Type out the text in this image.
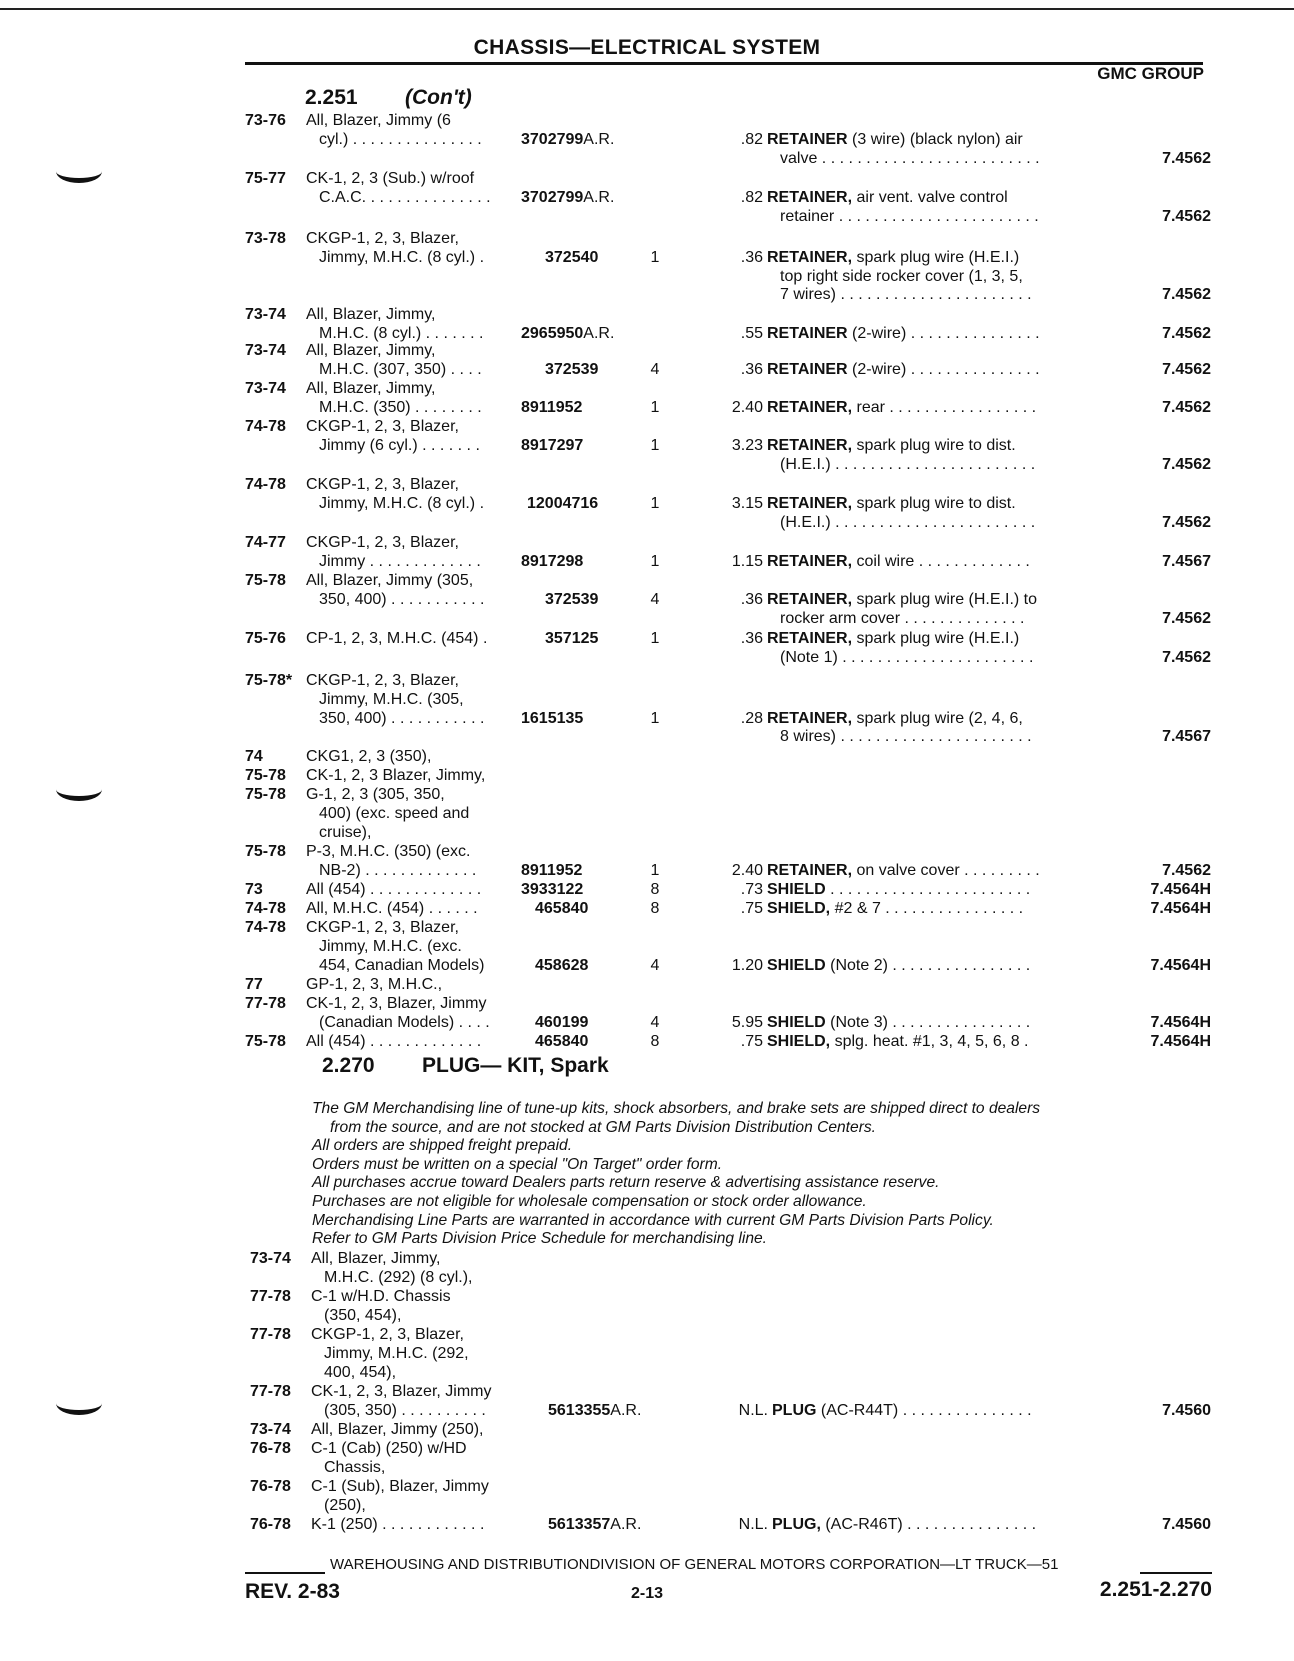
CHASSIS—ELECTRICAL SYSTEM
GMC GROUP
2.251 (Con't)
73-76	All, Blazer, Jimmy (6
cyl.) . . . . . . . . . . . . . . .	3702799A.R.	.82 RETAINER (3 wire) (black nylon) air
valve . . . . . . . . . . . . . . . . . . . . . . . . .	7.4562
75-77	CK-1, 2, 3 (Sub.) w/roof
C.A.C. . . . . . . . . . . . . . .	3702799A.R.	.82 RETAINER, air vent. valve control
retainer . . . . . . . . . . . . . . . . . . . . . . .	7.4562
73-78	CKGP-1, 2, 3, Blazer,
Jimmy, M.H.C. (8 cyl.) .	372540	1	.36 RETAINER, spark plug wire (H.E.I.)
top right side rocker cover (1, 3, 5,
7 wires) . . . . . . . . . . . . . . . . . . . . . .	7.4562
73-74	All, Blazer, Jimmy,
M.H.C. (8 cyl.) . . . . . . .	2965950A.R.	.55 RETAINER (2-wire) . . . . . . . . . . . . . . .	7.4562
73-74	All, Blazer, Jimmy,
M.H.C. (307, 350) . . . .	372539	4	.36 RETAINER (2-wire) . . . . . . . . . . . . . . .	7.4562
73-74	All, Blazer, Jimmy,
M.H.C. (350) . . . . . . . .	8911952	1	2.40 RETAINER, rear . . . . . . . . . . . . . . . . .	7.4562
74-78	CKGP-1, 2, 3, Blazer,
Jimmy (6 cyl.) . . . . . . .	8917297	1	3.23 RETAINER, spark plug wire to dist.
(H.E.I.) . . . . . . . . . . . . . . . . . . . . . . .	7.4562
74-78	CKGP-1, 2, 3, Blazer,
Jimmy, M.H.C. (8 cyl.) .	12004716	1	3.15 RETAINER, spark plug wire to dist.
(H.E.I.) . . . . . . . . . . . . . . . . . . . . . . .	7.4562
74-77	CKGP-1, 2, 3, Blazer,
Jimmy . . . . . . . . . . . . .	8917298	1	1.15 RETAINER, coil wire . . . . . . . . . . . . .	7.4567
75-78	All, Blazer, Jimmy (305,
350, 400) . . . . . . . . . . .	372539	4	.36 RETAINER, spark plug wire (H.E.I.) to
rocker arm cover . . . . . . . . . . . . . .	7.4562
75-76	CP-1, 2, 3, M.H.C. (454) .	357125	1	.36 RETAINER, spark plug wire (H.E.I.)
(Note 1) . . . . . . . . . . . . . . . . . . . . . .	7.4562
75-78* CKGP-1, 2, 3, Blazer,
Jimmy, M.H.C. (305,
350, 400) . . . . . . . . . . .	1615135	1	.28 RETAINER, spark plug wire (2, 4, 6,
8 wires) . . . . . . . . . . . . . . . . . . . . . .	7.4567
74	CKG1, 2, 3 (350),
75-78	CK-1, 2, 3 Blazer, Jimmy,
75-78	G-1, 2, 3 (305, 350,
400) (exc. speed and
cruise),
75-78	P-3, M.H.C. (350) (exc.
NB-2) . . . . . . . . . . . . .	8911952	1	2.40 RETAINER, on valve cover . . . . . . . . .	7.4562
73	All (454) . . . . . . . . . . . . .	3933122	8	.73 SHIELD . . . . . . . . . . . . . . . . . . . . . . .	7.4564H
74-78	All, M.H.C. (454) . . . . . .	465840	8	.75 SHIELD, #2 & 7 . . . . . . . . . . . . . . . .	7.4564H
74-78	CKGP-1, 2, 3, Blazer,
Jimmy, M.H.C. (exc.
454, Canadian Models)	458628	4	1.20 SHIELD (Note 2) . . . . . . . . . . . . . . . .	7.4564H
77	GP-1, 2, 3, M.H.C.,
77-78	CK-1, 2, 3, Blazer, Jimmy
(Canadian Models) . . . .	460199	4	5.95 SHIELD (Note 3) . . . . . . . . . . . . . . . .	7.4564H
75-78	All (454) . . . . . . . . . . . . .	465840	8	.75 SHIELD, splg. heat. #1, 3, 4, 5, 6, 8 .	7.4564H
2.270 PLUG— KIT, Spark
The GM Merchandising line of tune-up kits, shock absorbers, and brake sets are shipped direct to dealers
from the source, and are not stocked at GM Parts Division Distribution Centers.
All orders are shipped freight prepaid.
Orders must be written on a special "On Target" order form.
All purchases accrue toward Dealers parts return reserve & advertising assistance reserve.
Purchases are not eligible for wholesale compensation or stock order allowance.
Merchandising Line Parts are warranted in accordance with current GM Parts Division Parts Policy.
Refer to GM Parts Division Price Schedule for merchandising line.
73-74	All, Blazer, Jimmy,
M.H.C. (292) (8 cyl.),
77-78	C-1 w/H.D. Chassis
(350, 454),
77-78	CKGP-1, 2, 3, Blazer,
Jimmy, M.H.C. (292,
400, 454),
77-78	CK-1, 2, 3, Blazer, Jimmy
(305, 350) . . . . . . . . . .	5613355A.R.	N.L. PLUG (AC-R44T) . . . . . . . . . . . . . . .	7.4560
73-74	All, Blazer, Jimmy (250),
76-78	C-1 (Cab) (250) w/HD
Chassis,
76-78	C-1 (Sub), Blazer, Jimmy
(250),
76-78	K-1 (250) . . . . . . . . . . . .	5613357A.R.	N.L. PLUG, (AC-R46T) . . . . . . . . . . . . . . .	7.4560
WAREHOUSING AND DISTRIBUTIONDIVISION OF GENERAL MOTORS CORPORATION—LT TRUCK—51
REV. 2-83	2-13	2.251-2.270
